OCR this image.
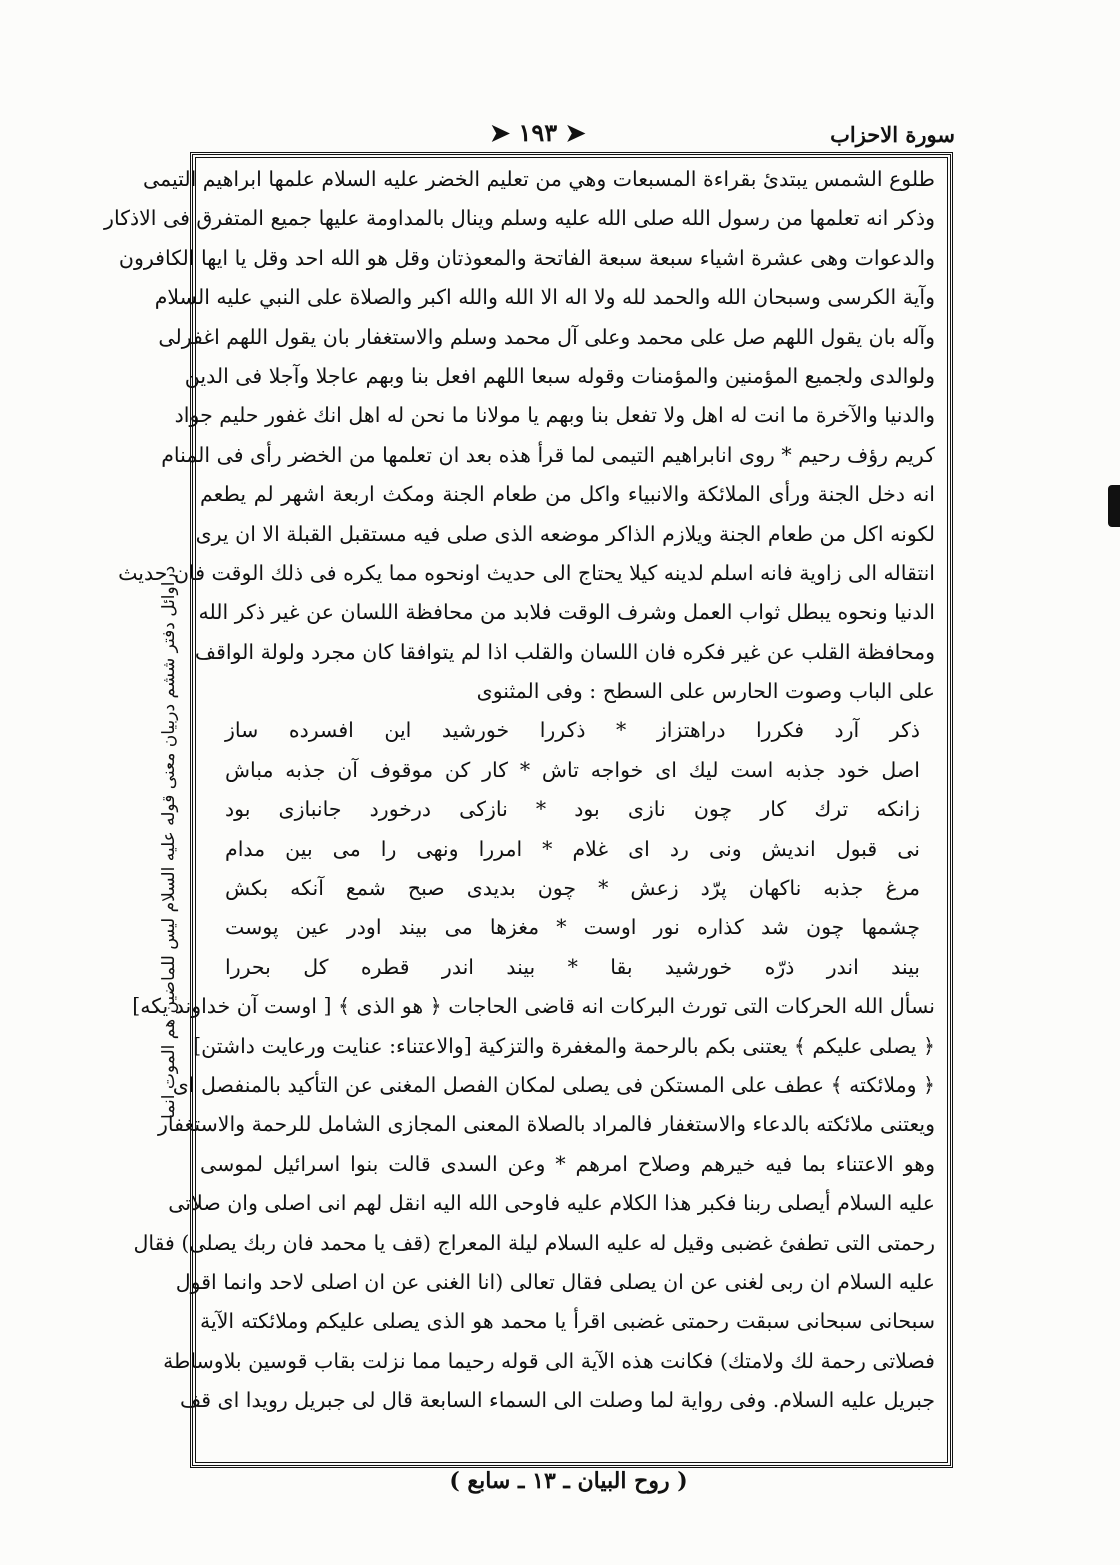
سورة الاحزاب
➤ ١٩٣ ➤
طلوع الشمس يبتدئ بقراءة المسبعات وهي من تعليم الخضر عليه السلام علمها ابراهيم التيمى
وذكر انه تعلمها من رسول الله صلى الله عليه وسلم وينال بالمداومة عليها جميع المتفرق فى الاذكار
والدعوات وهى عشرة اشياء سبعة سبعة الفاتحة والمعوذتان وقل هو الله احد وقل يا ايها الكافرون
وآية الكرسى وسبحان الله والحمد لله ولا اله الا الله والله اكبر والصلاة على النبي عليه السلام
وآله بان يقول اللهم صل على محمد وعلى آل محمد وسلم والاستغفار بان يقول اللهم اغفرلى
ولوالدى ولجميع المؤمنين والمؤمنات وقوله سبعا اللهم افعل بنا وبهم عاجلا وآجلا فى الدين
والدنيا والآخرة ما انت له اهل ولا تفعل بنا وبهم يا مولانا ما نحن له اهل انك غفور حليم جواد
كريم رؤف رحيم * روى انابراهيم التيمى لما قرأ هذه بعد ان تعلمها من الخضر رأى فى المنام
انه دخل الجنة ورأى الملائكة والانبياء واكل من طعام الجنة ومكث اربعة اشهر لم يطعم
لكونه اكل من طعام الجنة ويلازم الذاكر موضعه الذى صلى فيه مستقبل القبلة الا ان يرى
انتقاله الى زاوية فانه اسلم لدينه كيلا يحتاج الى حديث اونحوه مما يكره فى ذلك الوقت فان حديث
الدنيا ونحوه يبطل ثواب العمل وشرف الوقت فلابد من محافظة اللسان عن غير ذكر الله
ومحافظة القلب عن غير فكره فان اللسان والقلب اذا لم يتوافقا كان مجرد ولولة الواقف
على الباب وصوت الحارس على السطح : وفى المثنوى
ذكر آرد فكررا دراهتزاز * ذكررا خورشيد اين افسرده ساز
اصل خود جذبه است ليك اى خواجه تاش * كار كن موقوف آن جذبه مباش
زانكه ترك كار چون نازى بود * نازكى درخورد جانبازى بود
نى قبول انديش ونى رد اى غلام * امررا ونهى را مى بين مدام
مرغ جذبه ناكهان پرّد زعش * چون بديدى صبح شمع آنكه بكش
چشمها چون شد كذاره نور اوست * مغزها مى بيند اودر عين پوست
بيند اندر ذرّه خورشيد بقا * بيند اندر قطره كل بحررا
نسأل الله الحركات التى تورث البركات انه قاضى الحاجات ﴿ هو الذى ﴾ [ اوست آن خداوند يكه]
﴿ يصلى عليكم ﴾ يعتنى بكم بالرحمة والمغفرة والتزكية [والاعتناء: عنايت ورعايت داشتن]
﴿ وملائكته ﴾ عطف على المستكن فى يصلى لمكان الفصل المغنى عن التأكيد بالمنفصل اى
ويعتنى ملائكته بالدعاء والاستغفار فالمراد بالصلاة المعنى المجازى الشامل للرحمة والاستغفار
وهو الاعتناء بما فيه خيرهم وصلاح امرهم * وعن السدى قالت بنوا اسرائيل لموسى
عليه السلام أيصلى ربنا فكبر هذا الكلام عليه فاوحى الله اليه انقل لهم انى اصلى وان صلاتى
رحمتى التى تطفئ غضبى وقيل له عليه السلام ليلة المعراج (قف يا محمد فان ربك يصلى) فقال
عليه السلام ان ربى لغنى عن ان يصلى فقال تعالى (انا الغنى عن ان اصلى لاحد وانما اقول
سبحانى سبحانى سبقت رحمتى غضبى اقرأ يا محمد هو الذى يصلى عليكم وملائكته الآية
فصلاتى رحمة لك ولامتك) فكانت هذه الآية الى قوله رحيما مما نزلت بقاب قوسين بلاوساطة
جبريل عليه السلام. وفى رواية لما وصلت الى السماء السابعة قال لى جبريل رويدا اى قف
دراوائل دفتر ششم دربيان معنى قوله عليه السلام ليس للماضين هم الموت انما
( روح البيان ـ ١٣ ـ سابع )
